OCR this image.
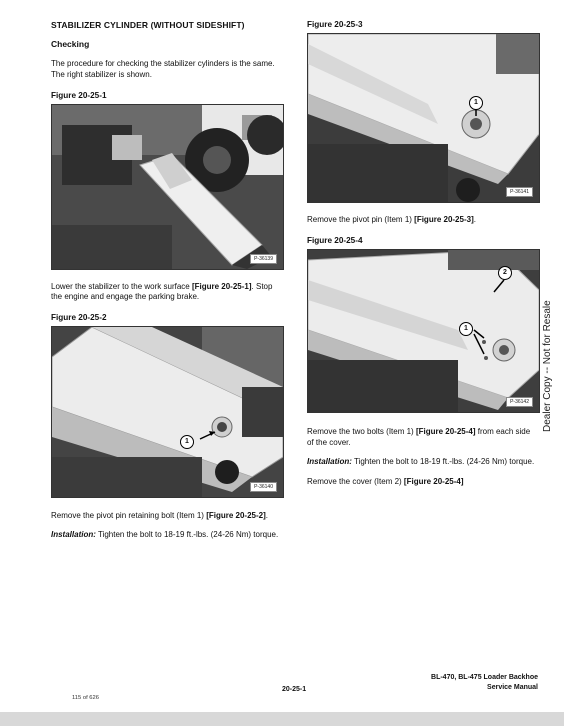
STABILIZER CYLINDER (WITHOUT SIDESHIFT)
Checking

The procedure for checking the stabilizer cylinders is the same. The right stabilizer is shown.

Figure 20-25-1
P-36139

Lower the stabilizer to the work surface [Figure 20-25-1]. Stop the engine and engage the parking brake.

Figure 20-25-2
1
P-36140

Remove the pivot pin retaining bolt (Item 1) [Figure 20-25-2].

Installation: Tighten the bolt to 18-19 ft.-lbs. (24-26 Nm) torque.

Figure 20-25-3
1
P-36141

Remove the pivot pin (Item 1) [Figure 20-25-3].

Figure 20-25-4
1
2
P-36142

Remove the two bolts (Item 1) [Figure 20-25-4] from each side of the cover.

Installation: Tighten the bolt to 18-19 ft.-lbs. (24-26 Nm) torque.

Remove the cover (Item 2) [Figure 20-25-4]

Dealer Copy -- Not for Resale
115 of 626
20-25-1
BL-470, BL-475 Loader Backhoe
Service Manual
